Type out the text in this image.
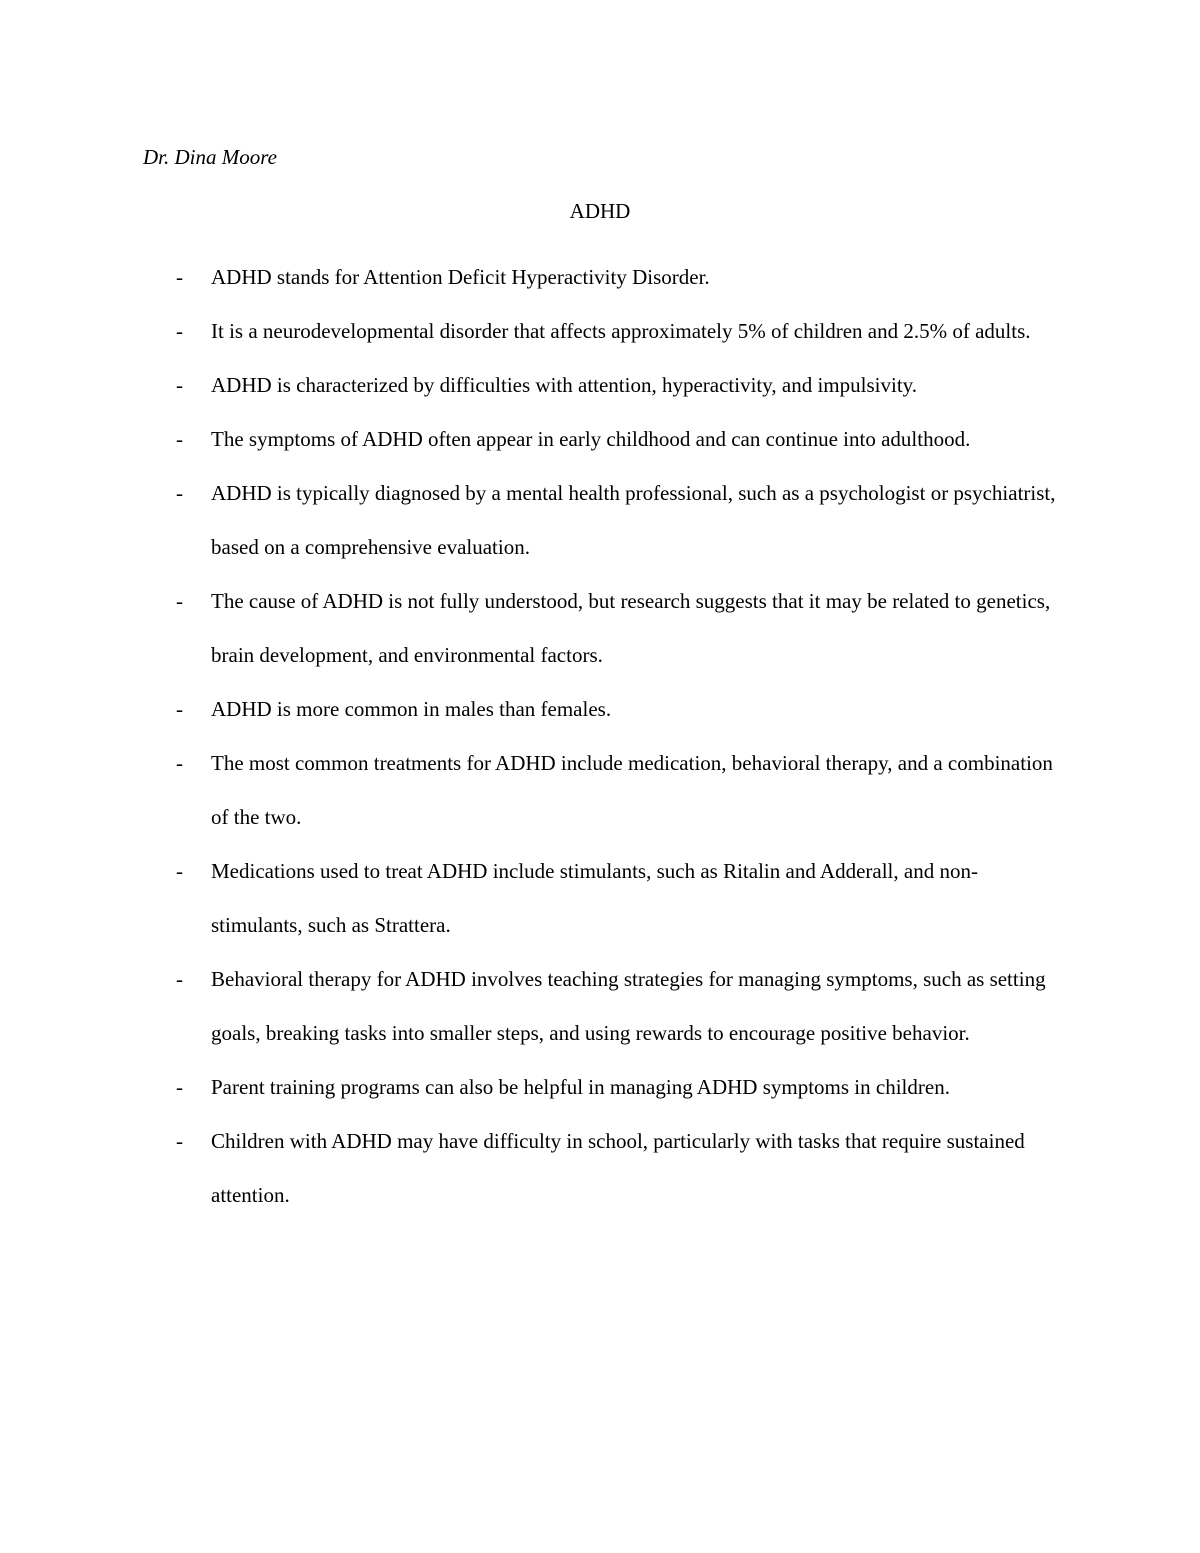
Dr. Dina Moore

ADHD
- ADHD stands for Attention Deficit Hyperactivity Disorder.
- It is a neurodevelopmental disorder that affects approximately 5% of children and 2.5% of adults.
- ADHD is characterized by difficulties with attention, hyperactivity, and impulsivity.
- The symptoms of ADHD often appear in early childhood and can continue into adulthood.
- ADHD is typically diagnosed by a mental health professional, such as a psychologist or psychiatrist, based on a comprehensive evaluation.
- The cause of ADHD is not fully understood, but research suggests that it may be related to genetics, brain development, and environmental factors.
- ADHD is more common in males than females.
- The most common treatments for ADHD include medication, behavioral therapy, and a combination of the two.
- Medications used to treat ADHD include stimulants, such as Ritalin and Adderall, and non-stimulants, such as Strattera.
- Behavioral therapy for ADHD involves teaching strategies for managing symptoms, such as setting goals, breaking tasks into smaller steps, and using rewards to encourage positive behavior.
- Parent training programs can also be helpful in managing ADHD symptoms in children.
- Children with ADHD may have difficulty in school, particularly with tasks that require sustained attention.
